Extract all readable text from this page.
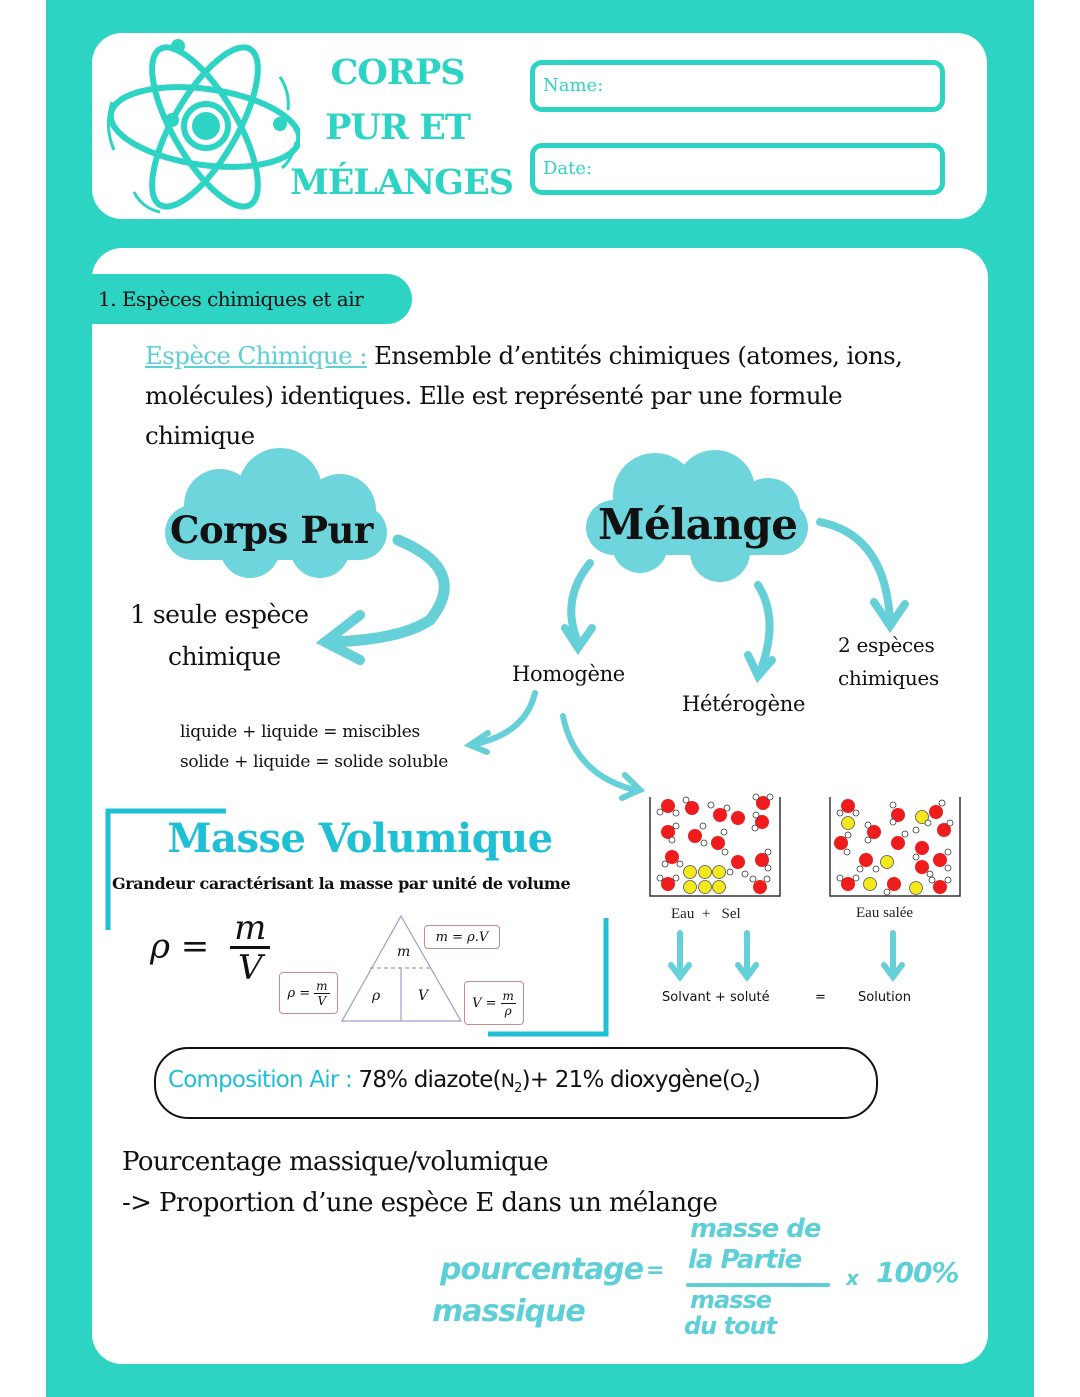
CORPS
PUR ET
MÉLANGES
Name:
Date:
1. Espèces chimiques et air
Espèce Chimique : Ensemble d’entités chimiques (atomes, ions, molécules) identiques. Elle est représenté par une formule chimique
Corps Pur
1 seule espèce
chimique
Mélange
Homogène
Hétérogène
2 espèces
chimiques
liquide + liquide = miscibles
solide + liquide = solide soluble
Eau  +   Sel	Eau salée
Solvant + soluté	= Solution
Masse Volumique
Grandeur caractérisant la masse par unité de volume
$\rho = \frac{m}{V}$	m
ρ	V
m = ρ.V
$\rho = \frac{m}{V}$	$V = \frac{m}{\rho}$
Composition Air : 78% $diazote(N_2)+ 21\%$ $dioxygène(O_2)$
Pourcentage massique/volumique
-> Proportion d’une espèce E dans un mélange
pourcentage
massique
=
masse de
la Partie
masse
du tout
x 100%
